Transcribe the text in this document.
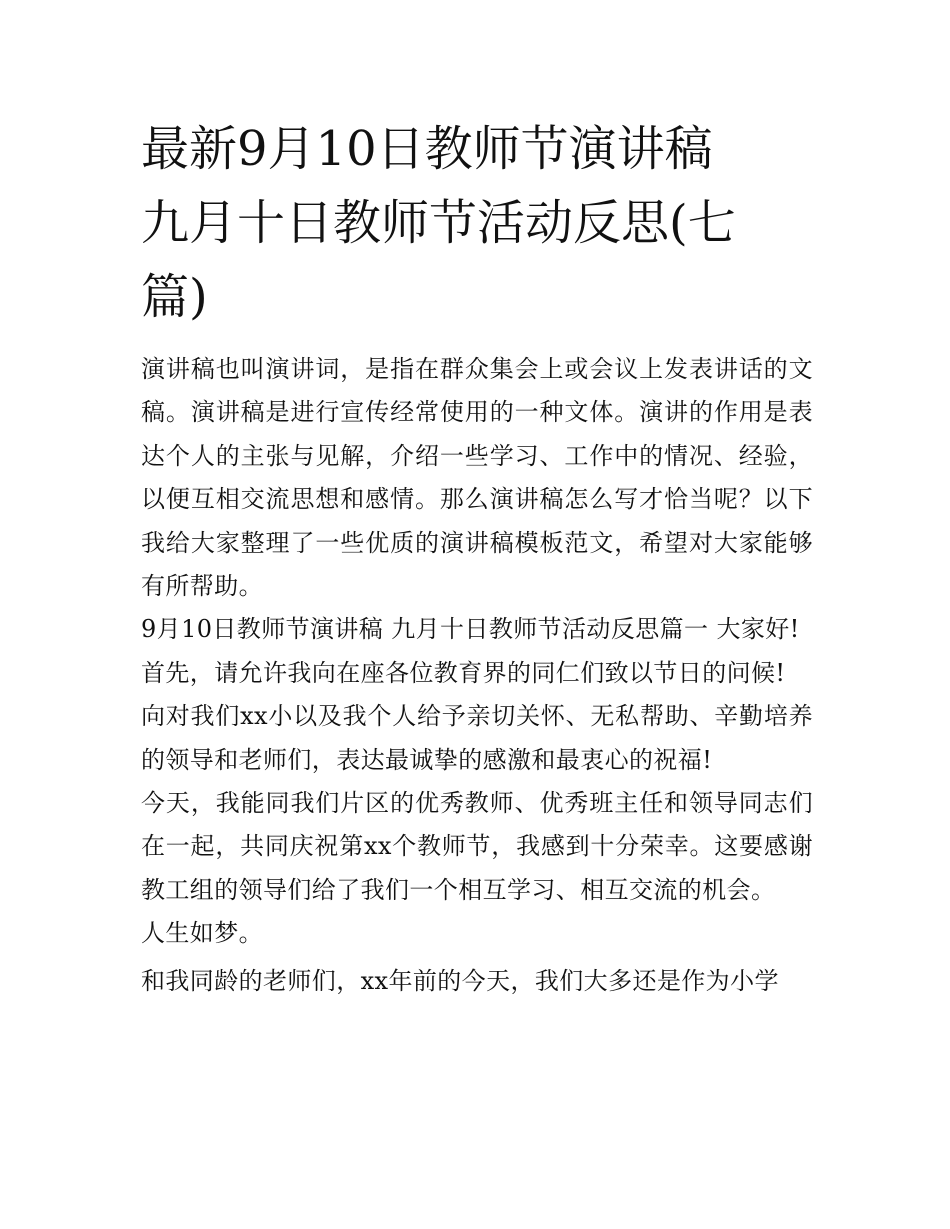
最新9月10日教师节演讲稿
九月十日教师节活动反思(七
篇)

演讲稿也叫演讲词，是指在群众集会上或会议上发表讲话的文稿。演讲稿是进行宣传经常使用的一种文体。演讲的作用是表达个人的主张与见解，介绍一些学习、工作中的情况、经验，以便互相交流思想和感情。那么演讲稿怎么写才恰当呢？以下我给大家整理了一些优质的演讲稿模板范文，希望对大家能够有所帮助。

9月10日教师节演讲稿 九月十日教师节活动反思篇一 大家好!

首先，请允许我向在座各位教育界的同仁们致以节日的问候!

向对我们xx小以及我个人给予亲切关怀、无私帮助、辛勤培养的领导和老师们，表达最诚挚的感激和最衷心的祝福!

今天，我能同我们片区的优秀教师、优秀班主任和领导同志们在一起，共同庆祝第xx个教师节，我感到十分荣幸。这要感谢教工组的领导们给了我们一个相互学习、相互交流的机会。

人生如梦。

和我同龄的老师们，xx年前的今天，我们大多还是作为小学
